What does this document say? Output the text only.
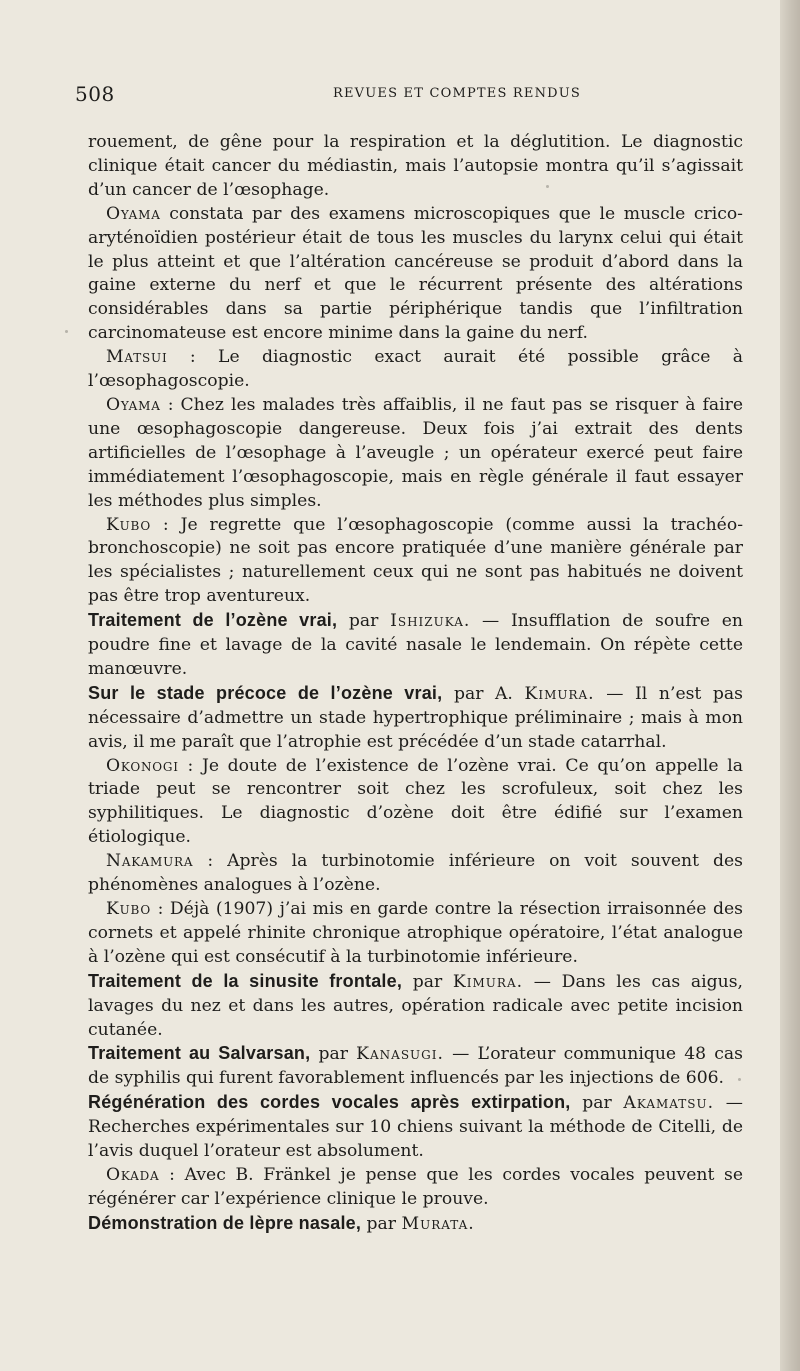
508	REVUES ET COMPTES RENDUS

rouement, de gêne pour la respiration et la déglutition. Le diagnostic clinique était cancer du médiastin, mais l’autopsie montra qu’il s’agissait d’un cancer de l’œsophage.

Oyama constata par des examens microscopiques que le muscle crico-aryténoïdien postérieur était de tous les muscles du larynx celui qui était le plus atteint et que l’altération cancéreuse se produit d’abord dans la gaine externe du nerf et que le récurrent présente des altérations considérables dans sa partie périphérique tandis que l’infiltration carcinomateuse est encore minime dans la gaine du nerf.

Matsui : Le diagnostic exact aurait été possible grâce à l’œsophagoscopie.

Oyama : Chez les malades très affaiblis, il ne faut pas se risquer à faire une œsophagoscopie dangereuse. Deux fois j’ai extrait des dents artificielles de l’œsophage à l’aveugle ; un opérateur exercé peut faire immédiatement l’œsophagoscopie, mais en règle générale il faut essayer les méthodes plus simples.

Kubo : Je regrette que l’œsophagoscopie (comme aussi la trachéo-bronchoscopie) ne soit pas encore pratiquée d’une manière générale par les spécialistes ; naturellement ceux qui ne sont pas habitués ne doivent pas être trop aventureux.

Traitement de l’ozène vrai, par Ishizuka. — Insufflation de soufre en poudre fine et lavage de la cavité nasale le lendemain. On répète cette manœuvre.

Sur le stade précoce de l’ozène vrai, par A. Kimura. — Il n’est pas nécessaire d’admettre un stade hypertrophique préliminaire ; mais à mon avis, il me paraît que l’atrophie est précédée d’un stade catarrhal.

Okonogi : Je doute de l’existence de l’ozène vrai. Ce qu’on appelle la triade peut se rencontrer soit chez les scrofuleux, soit chez les syphilitiques. Le diagnostic d’ozène doit être édifié sur l’examen étiologique.

Nakamura : Après la turbinotomie inférieure on voit souvent des phénomènes analogues à l’ozène.

Kubo : Déjà (1907) j’ai mis en garde contre la résection irraisonnée des cornets et appelé rhinite chronique atrophique opératoire, l’état analogue à l’ozène qui est consécutif à la turbinotomie inférieure.

Traitement de la sinusite frontale, par Kimura. — Dans les cas aigus, lavages du nez et dans les autres, opération radicale avec petite incision cutanée.

Traitement au Salvarsan, par Kanasugi. — L’orateur communique 48 cas de syphilis qui furent favorablement influencés par les injections de 606.

Régénération des cordes vocales après extirpation, par Akamatsu. — Recherches expérimentales sur 10 chiens suivant la méthode de Citelli, de l’avis duquel l’orateur est absolument.

Okada : Avec B. Fränkel je pense que les cordes vocales peuvent se régénérer car l’expérience clinique le prouve.

Démonstration de lèpre nasale, par Murata.
